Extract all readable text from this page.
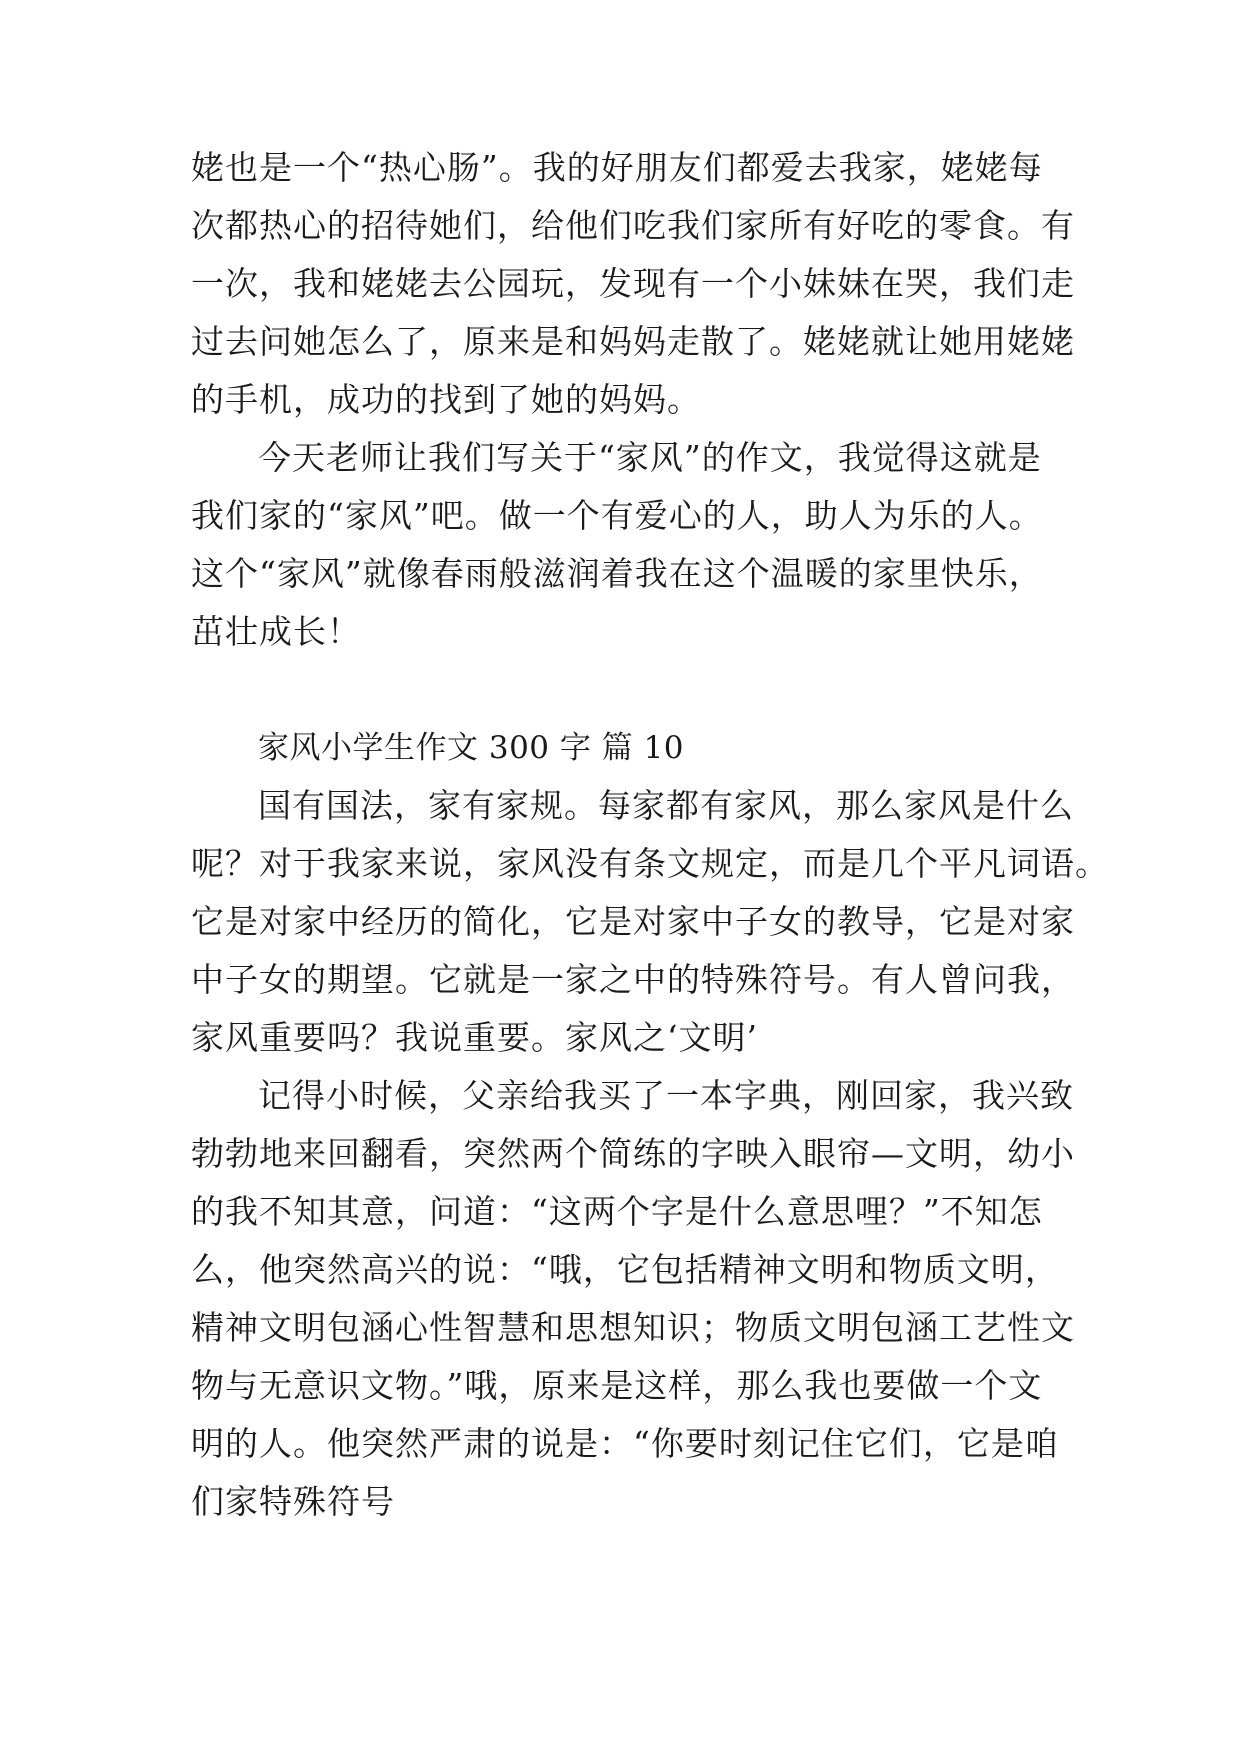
姥也是一个“热心肠”。我的好朋友们都爱去我家，姥姥每
次都热心的招待她们，给他们吃我们家所有好吃的零食。有
一次，我和姥姥去公园玩，发现有一个小妹妹在哭，我们走
过去问她怎么了，原来是和妈妈走散了。姥姥就让她用姥姥
的手机，成功的找到了她的妈妈。
今天老师让我们写关于“家风”的作文，我觉得这就是
我们家的“家风”吧。做一个有爱心的人，助人为乐的人。
这个“家风”就像春雨般滋润着我在这个温暖的家里快乐，
茁壮成长！
家风小学生作文 300 字 篇 10
国有国法，家有家规。每家都有家风，那么家风是什么
呢？对于我家来说，家风没有条文规定，而是几个平凡词语。
它是对家中经历的简化，它是对家中子女的教导，它是对家
中子女的期望。它就是一家之中的特殊符号。有人曾问我，
家风重要吗？我说重要。家风之‘文明’
记得小时候，父亲给我买了一本字典，刚回家，我兴致
勃勃地来回翻看，突然两个简练的字映入眼帘—文明，幼小
的我不知其意，问道：“这两个字是什么意思哩？”不知怎
么，他突然高兴的说：“哦，它包括精神文明和物质文明，
精神文明包涵心性智慧和思想知识；物质文明包涵工艺性文
物与无意识文物。”哦，原来是这样，那么我也要做一个文
明的人。他突然严肃的说是：“你要时刻记住它们，它是咱
们家特殊符号
